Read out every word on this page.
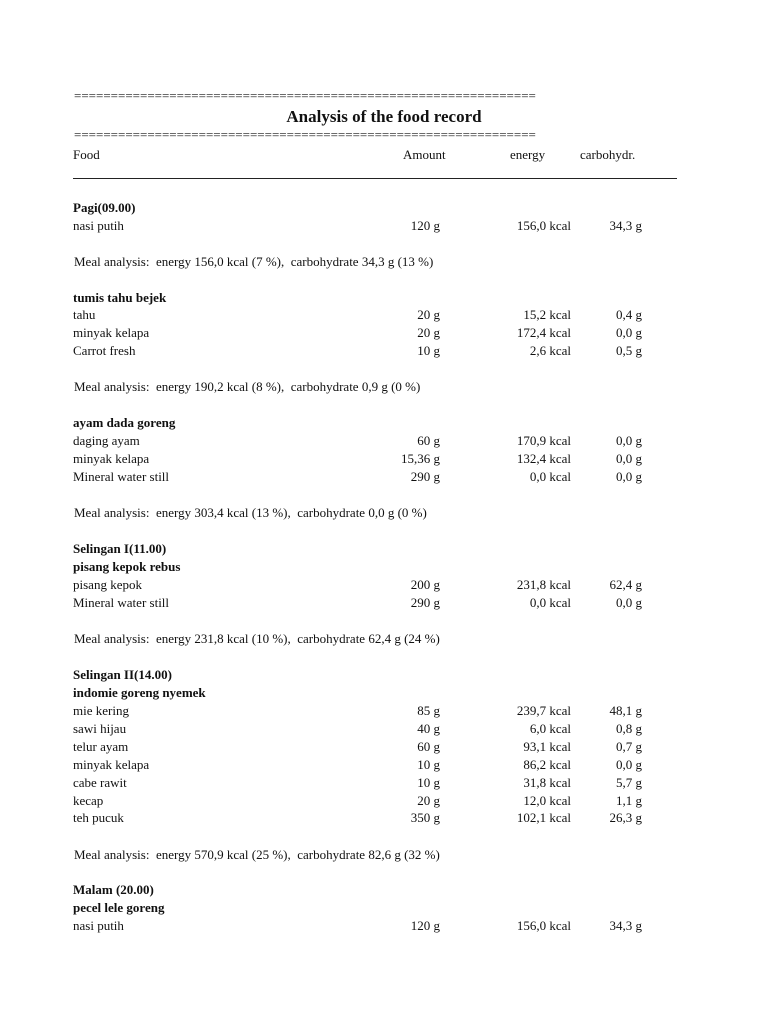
===============================================================
Analysis of the food record
===============================================================
Food	Amount	energy	carbohydr.
Pagi(09.00)
nasi putih	120 g	156,0 kcal	34,3 g
Meal analysis:  energy 156,0 kcal (7 %),  carbohydrate 34,3 g (13 %)
tumis tahu bejek
tahu	20 g	15,2 kcal	0,4 g
minyak kelapa	20 g	172,4 kcal	0,0 g
Carrot fresh	10 g	2,6 kcal	0,5 g
Meal analysis:  energy 190,2 kcal (8 %),  carbohydrate 0,9 g (0 %)
ayam dada goreng
daging ayam	60 g	170,9 kcal	0,0 g
minyak kelapa	15,36 g	132,4 kcal	0,0 g
Mineral water still	290 g	0,0 kcal	0,0 g
Meal analysis:  energy 303,4 kcal (13 %),  carbohydrate 0,0 g (0 %)
Selingan I(11.00)
pisang kepok rebus
pisang kepok	200 g	231,8 kcal	62,4 g
Mineral water still	290 g	0,0 kcal	0,0 g
Meal analysis:  energy 231,8 kcal (10 %),  carbohydrate 62,4 g (24 %)
Selingan II(14.00)
indomie goreng nyemek
mie kering	85 g	239,7 kcal	48,1 g
sawi hijau	40 g	6,0 kcal	0,8 g
telur ayam	60 g	93,1 kcal	0,7 g
minyak kelapa	10 g	86,2 kcal	0,0 g
cabe rawit	10 g	31,8 kcal	5,7 g
kecap	20 g	12,0 kcal	1,1 g
teh pucuk	350 g	102,1 kcal	26,3 g
Meal analysis:  energy 570,9 kcal (25 %),  carbohydrate 82,6 g (32 %)
Malam (20.00)
pecel lele goreng
nasi putih	120 g	156,0 kcal	34,3 g
